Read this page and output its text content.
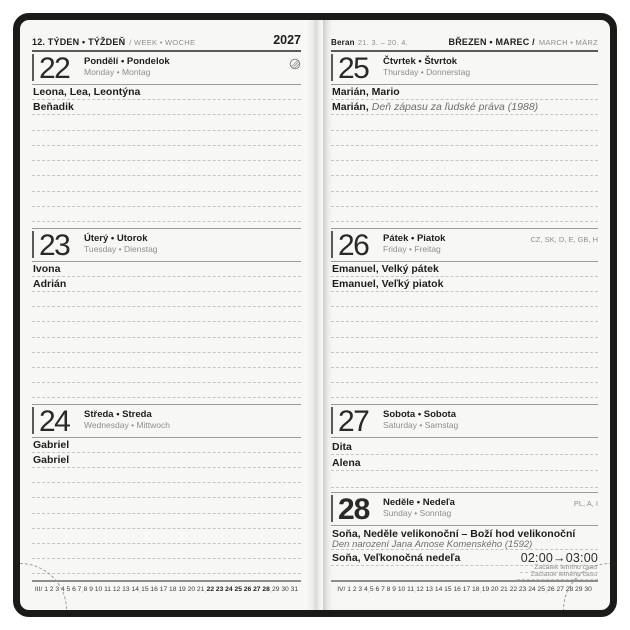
12. TÝDEN • TÝŽDEŇ / WEEK • WOCHE	2027
22	Pondělí • Pondelok
Monday • Montag
Leona, Lea, Leontýna
Beňadik
23	Úterý • Utorok
Tuesday • Dienstag
Ivona
Adrián
24	Středa • Streda
Wednesday • Mittwoch
Gabriel
Gabriel
III/ 1 2 3 4 5 6 7ˌ8 9 10 11 12 13 14ˌ15 16 17 18 19 20 21ˌ22 23 24 25 26 27 28ˌ29 30 31
Beran 21. 3. – 20. 4.	BŘEZEN • MAREC / MARCH • MÄRZ
25	Čtvrtek • Štvrtok
Thursday • Donnerstag
Marián, Mario
Marián, Deň zápasu za ľudské práva (1988)
26	Pátek • Piatok
Friday • Freitag
CZ, SK, D, E, GB, H
Emanuel, Velký pátek
Emanuel, Veľký piatok
27	Sobota • Sobota
Saturday • Samstag
Dita
Alena
28	Neděle • Nedeľa
Sunday • Sonntag
PL, A, I
Soňa, Neděle velikonoční – Boží hod velikonoční
Den narození Jana Amose Komenského (1592)
Soňa, Veľkonočná nedeľa	02:00→03:00
Začátek letního času
Začiatok letného času
IV/ 1 2 3 4ˌ5 6 7 8 9 10 11ˌ12 13 14 15 16 17 18ˌ19 20 21 22 23 24 25ˌ26 27 28 29 30
